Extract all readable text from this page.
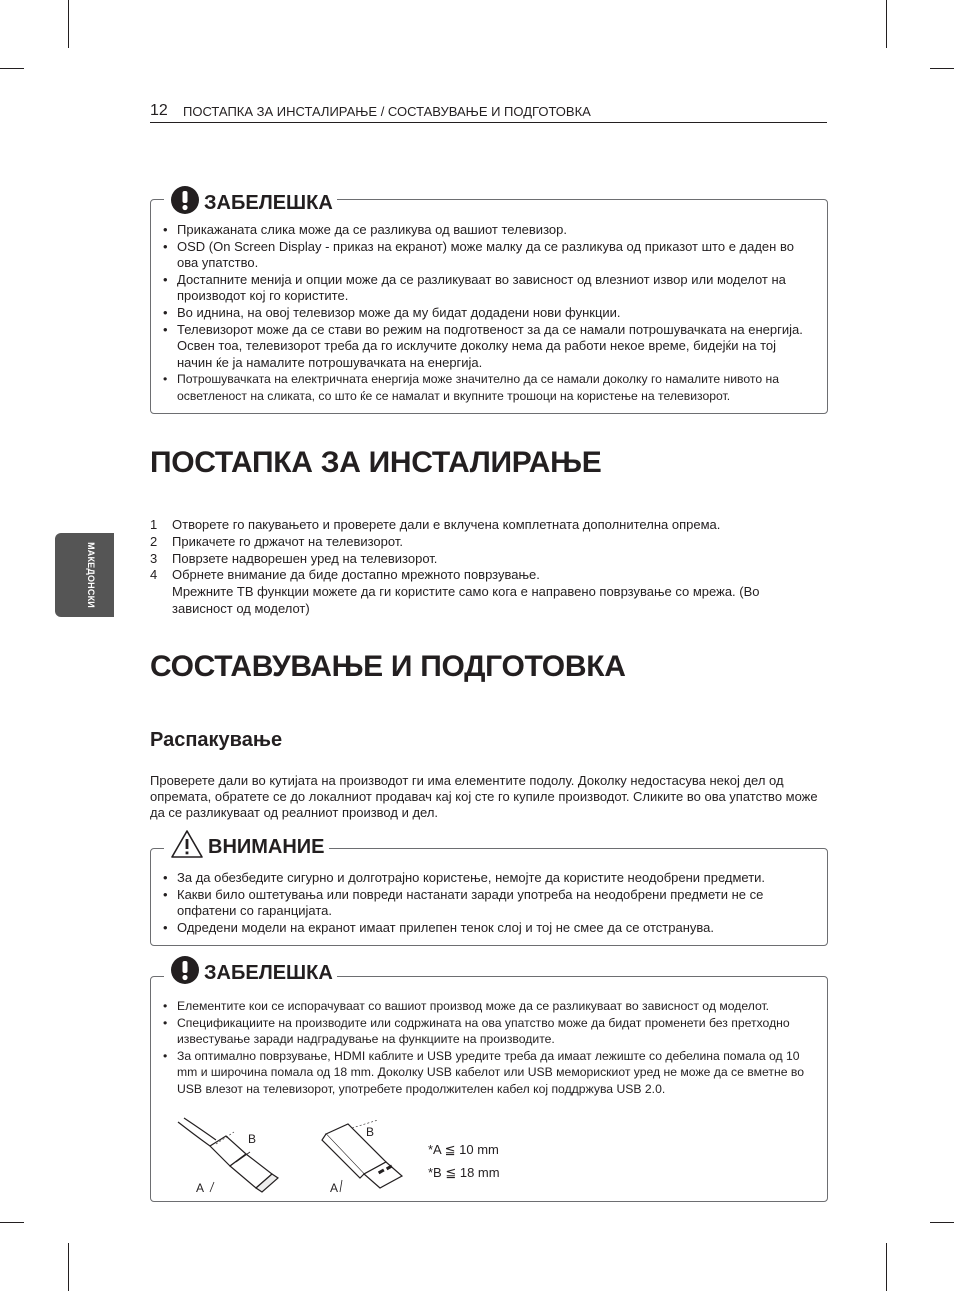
12 ПОСТАПКА ЗА ИНСТАЛИРАЊЕ / СОСТАВУВАЊЕ И ПОДГОТОВКА
МАКЕДОНСКИ
ЗАБЕЛЕШКА
• Прикажаната слика може да се разликува од вашиот телевизор.
• OSD (On Screen Display - приказ на екранот) може малку да се разликува од приказот што е даден во ова упатство.
• Достапните менија и опции може да се разликуваат во зависност од влезниот извор или моделот на производот кој го користите.
• Во иднина, на овој телевизор може да му бидат додадени нови функции.
• Телевизорот може да се стави во режим на подготвеност за да се намали потрошувачката на енергија. Освен тоа, телевизорот треба да го исклучите доколку нема да работи некое време, бидејќи на тој начин ќе ја намалите потрошувачката на енергија.
• Потрошувачката на електричната енергија може значително да се намали доколку го намалите нивото на осветленост на сликата, со што ќе се намалат и вкупните трошоци на користење на телевизорот.
ПОСТАПКА ЗА ИНСТАЛИРАЊЕ
1	Отворете го пакувањето и проверете дали е вклучена комплетната дополнителна опрема.
2	Прикачете го држачот на телевизорот.
3	Поврзете надворешен уред на телевизорот.
4	Обрнете внимание да биде достапно мрежното поврзување.
Мрежните ТВ функции можете да ги користите само кога е направено поврзување со мрежа. (Во зависност од моделот)
СОСТАВУВАЊЕ И ПОДГОТОВКА
Распакување
Проверете дали во кутијата на производот ги има елементите подолу. Доколку недостасува некој дел од опремата, обратете се до локалниот продавач кај кој сте го купиле производот. Сликите во ова упатство може да се разликуваат од реалниот производ и дел.
ВНИМАНИЕ
• За да обезбедите сигурно и долготрајно користење, немојте да користите неодобрени предмети.
• Какви било оштетувања или повреди настанати заради употреба на неодобрени предмети не се опфатени со гаранцијата.
• Одредени модели на екранот имаат прилепен тенок слој и тој не смее да се отстранува.
ЗАБЕЛЕШКА
• Елементите кои се испорачуваат со вашиот производ може да се разликуваат во зависност од моделот.
• Спецификациите на производите или содржината на ова упатство може да бидат променети без претходно известување заради надградување на функциите на производите.
• За оптимално поврзување, HDMI каблите и USB уредите треба да имаат лежиште со дебелина помала од 10 mm и широчина помала од 18 mm. Доколку USB кабелот или USB меморискиот уред не може да се вметне во USB влезот на телевизорот, употребете продолжителен кабел кој поддржува USB 2.0.
A
B
A
B
*A ≦ 10 mm
*B ≦ 18 mm
